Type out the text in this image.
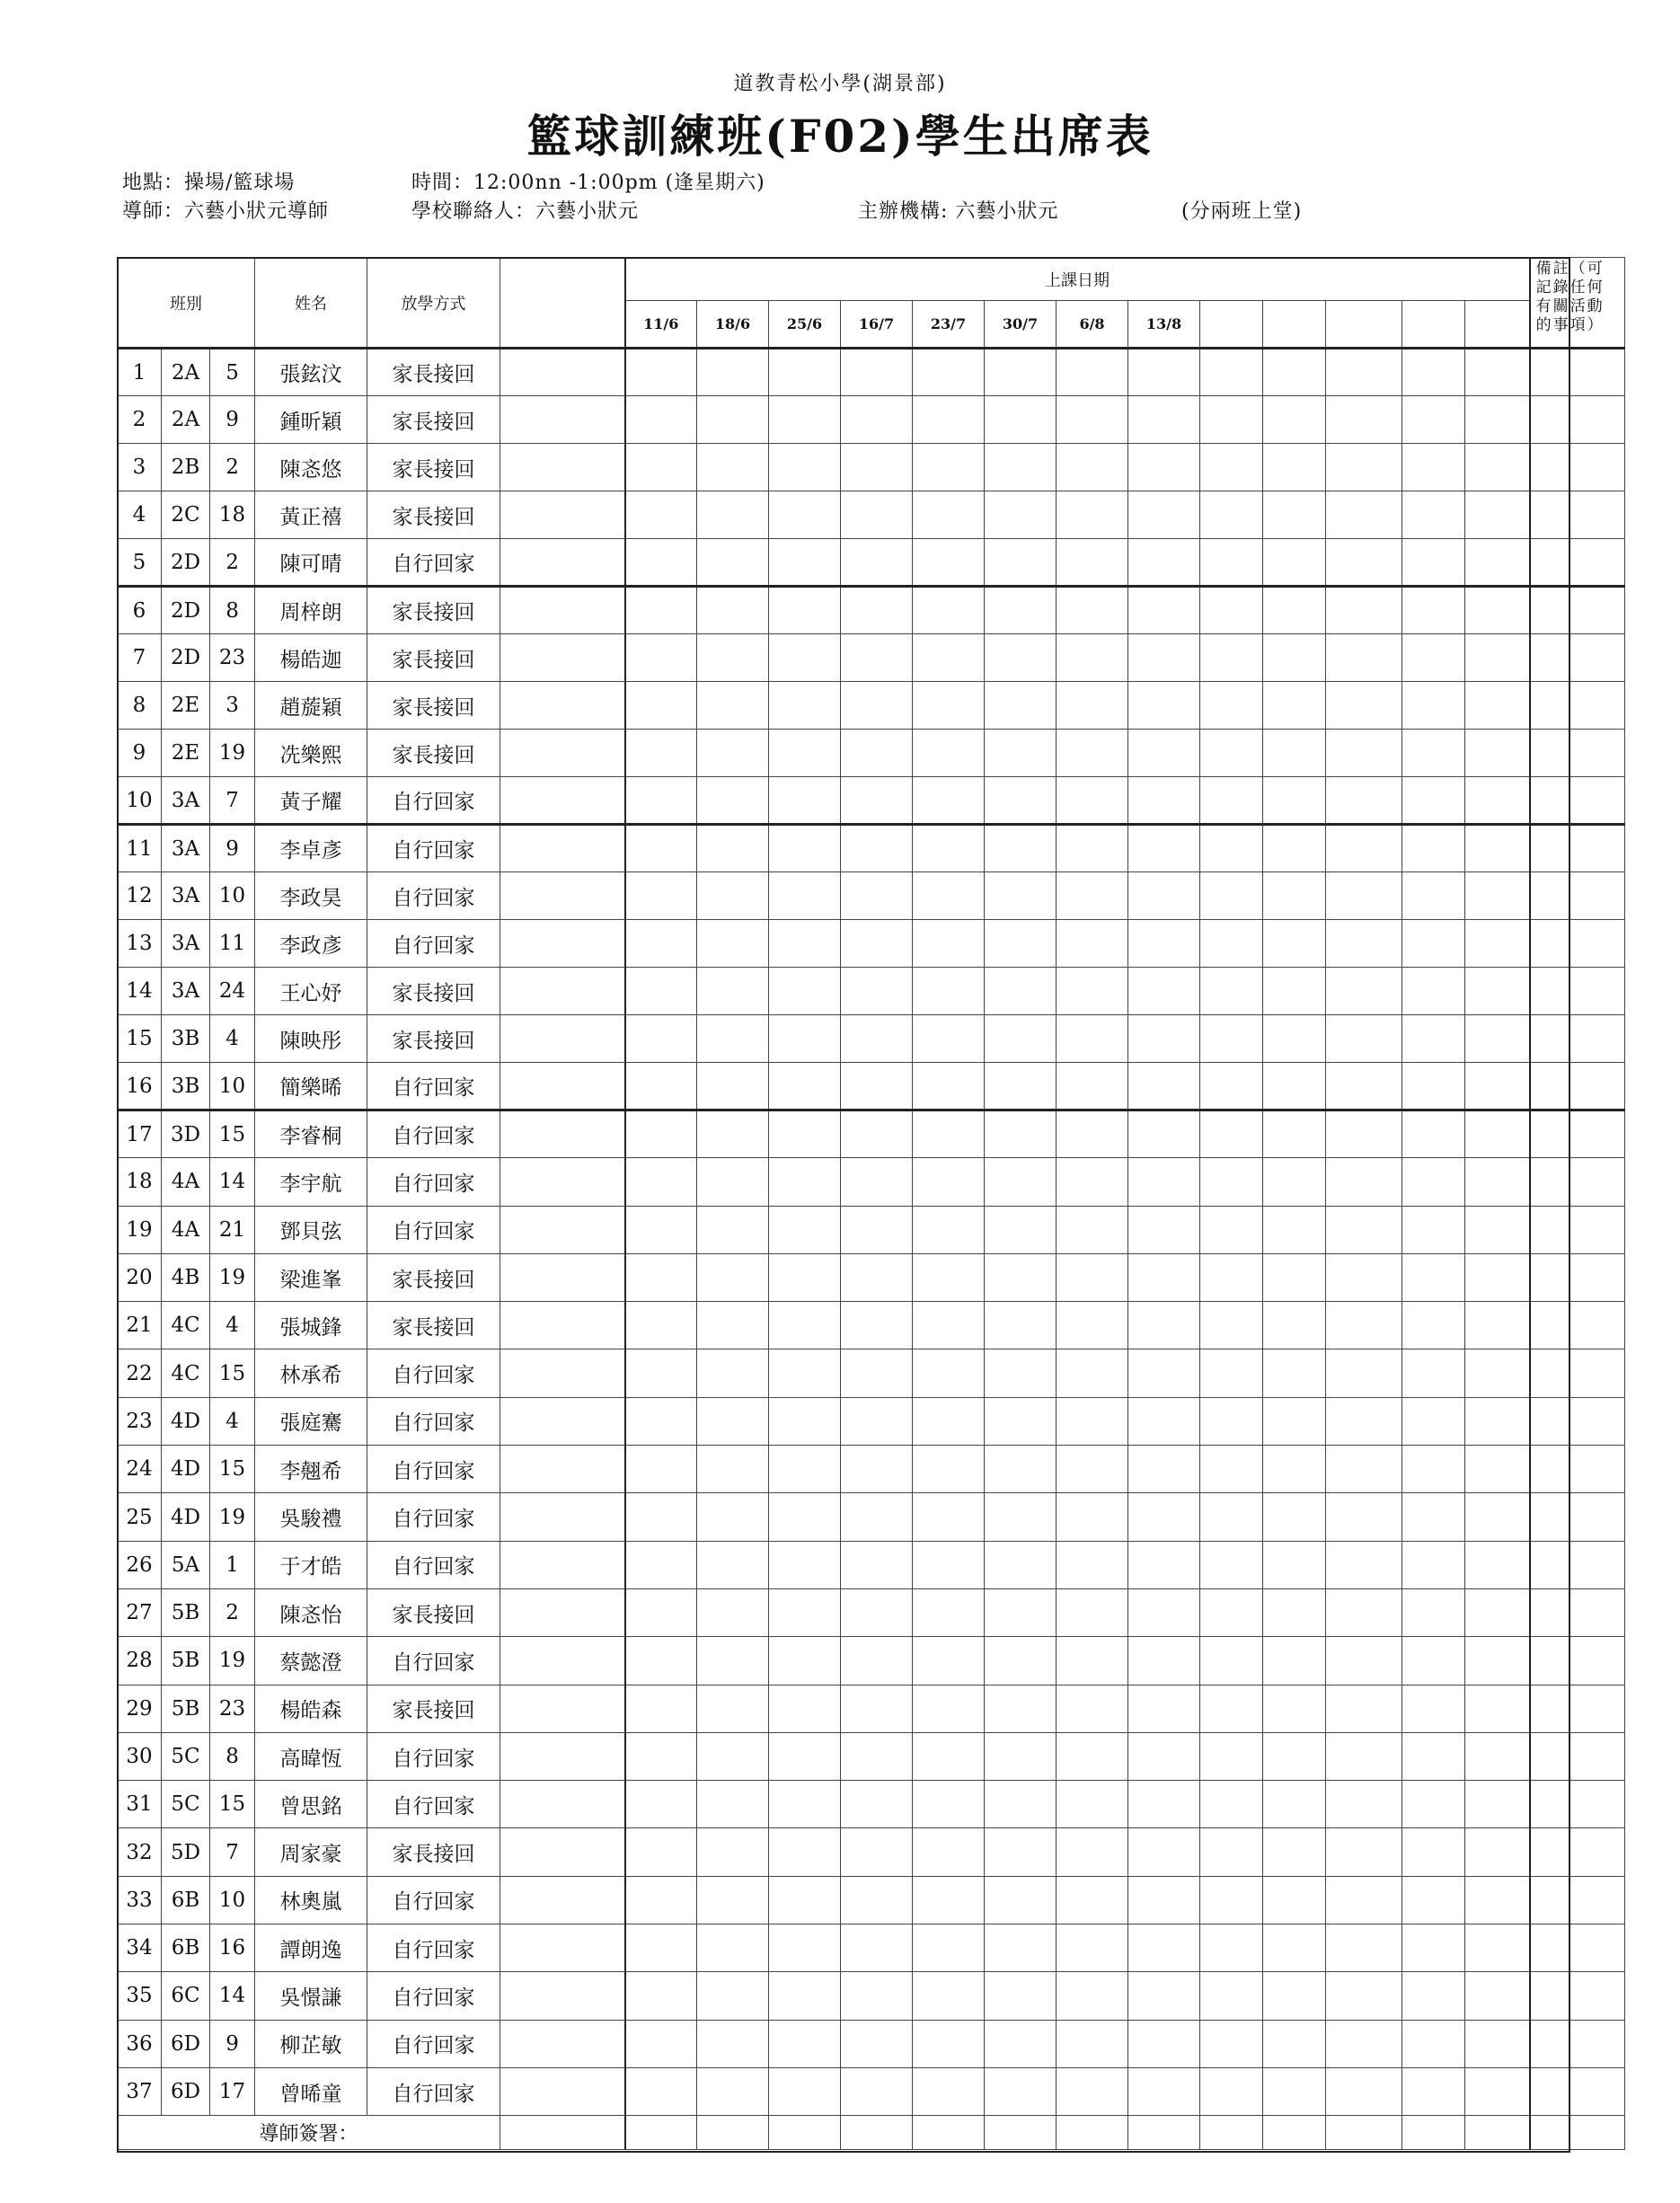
道教青松小學(湖景部)
籃球訓練班(F02)學生出席表
地點：操場/籃球場	時間：12:00nn -1:00pm (逢星期六)
導師：六藝小狀元導師	學校聯絡人：六藝小狀元	主辦機構: 六藝小狀元	(分兩班上堂)
班別			姓名	放學方式		上課日期													備註（可記錄任何有關活動的事項）
						11/6	18/6	25/6	16/7	23/7	30/7	6/8	13/8						
1	2A	5	張鉉汶	家長接回															
2	2A	9	鍾昕穎	家長接回															
3	2B	2	陳忞悠	家長接回															
4	2C	18	黃正禧	家長接回															
5	2D	2	陳可晴	自行回家															
6	2D	8	周梓朗	家長接回															
7	2D	23	楊皓迦	家長接回															
8	2E	3	趙蔙穎	家長接回															
9	2E	19	冼樂熙	家長接回															
10	3A	7	黃子耀	自行回家															
11	3A	9	李卓彥	自行回家															
12	3A	10	李政昊	自行回家															
13	3A	11	李政彥	自行回家															
14	3A	24	王心妤	家長接回															
15	3B	4	陳映彤	家長接回															
16	3B	10	簡樂晞	自行回家															
17	3D	15	李睿桐	自行回家															
18	4A	14	李宇航	自行回家															
19	4A	21	鄧貝弦	自行回家															
20	4B	19	梁進峯	家長接回															
21	4C	4	張城鋒	家長接回															
22	4C	15	林承希	自行回家															
23	4D	4	張庭騫	自行回家															
24	4D	15	李翹希	自行回家															
25	4D	19	吳駿禮	自行回家															
26	5A	1	于才皓	自行回家															
27	5B	2	陳忞怡	家長接回															
28	5B	19	蔡懿澄	自行回家															
29	5B	23	楊皓森	家長接回															
30	5C	8	高暐恆	自行回家															
31	5C	15	曾思銘	自行回家															
32	5D	7	周家豪	家長接回															
33	6B	10	林奧嵐	自行回家															
34	6B	16	譚朗逸	自行回家															
35	6C	14	吳憬謙	自行回家															
36	6D	9	柳芷敏	自行回家															
37	6D	17	曾晞童	自行回家															
導師簽署：																			
